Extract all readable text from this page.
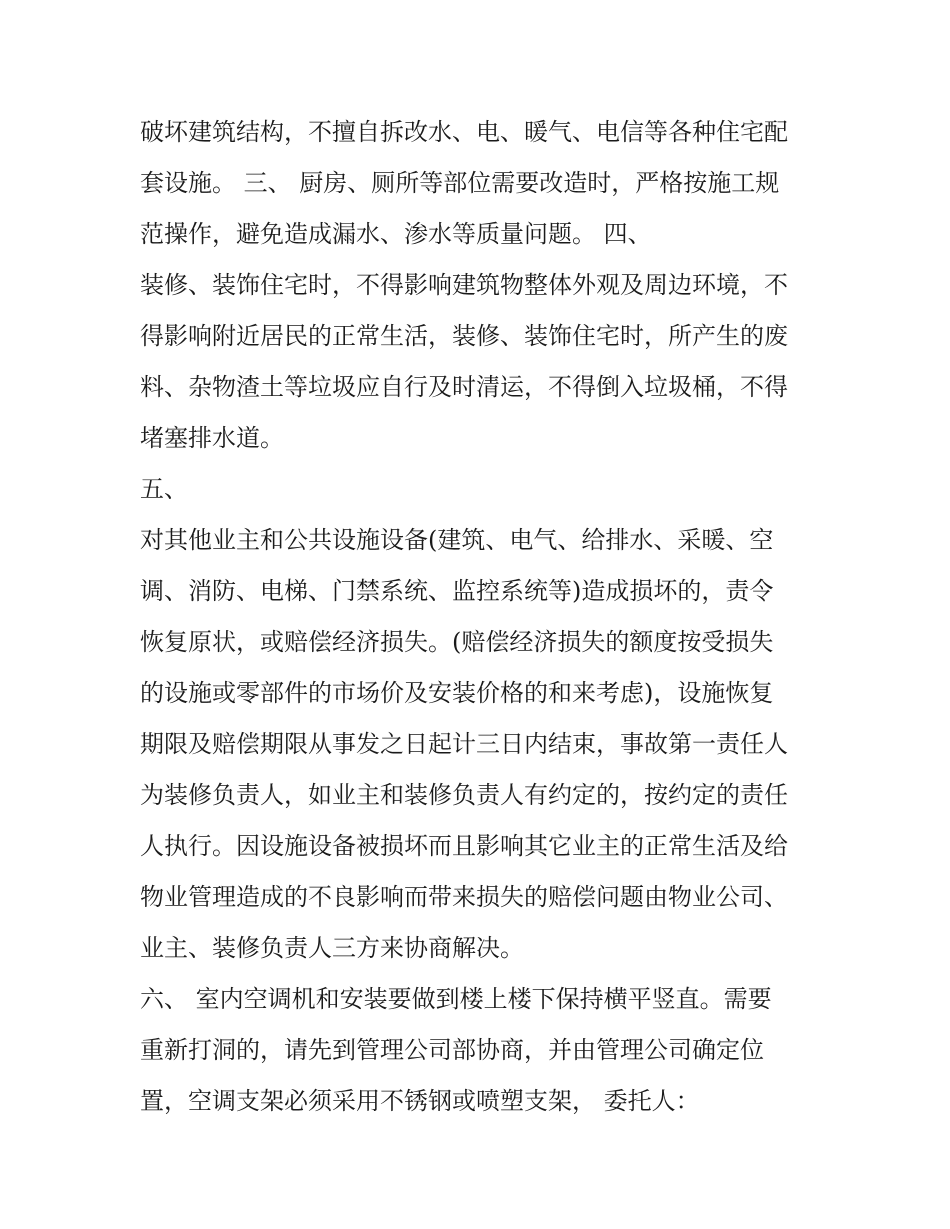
破坏建筑结构，不擅自拆改水、电、暖气、电信等各种住宅配
套设施。 三、 厨房、厕所等部位需要改造时，严格按施工规
范操作，避免造成漏水、渗水等质量问题。 四、
装修、装饰住宅时，不得影响建筑物整体外观及周边环境，不
得影响附近居民的正常生活，装修、装饰住宅时，所产生的废
料、杂物渣土等垃圾应自行及时清运，不得倒入垃圾桶，不得
堵塞排水道。
五、
对其他业主和公共设施设备(建筑、电气、给排水、采暖、空
调、消防、电梯、门禁系统、监控系统等)造成损坏的，责令
恢复原状，或赔偿经济损失。(赔偿经济损失的额度按受损失
的设施或零部件的市场价及安装价格的和来考虑)，设施恢复
期限及赔偿期限从事发之日起计三日内结束，事故第一责任人
为装修负责人，如业主和装修负责人有约定的，按约定的责任
人执行。因设施设备被损坏而且影响其它业主的正常生活及给
物业管理造成的不良影响而带来损失的赔偿问题由物业公司、
业主、装修负责人三方来协商解决。
六、 室内空调机和安装要做到楼上楼下保持横平竖直。需要
重新打洞的，请先到管理公司部协商，并由管理公司确定位
置，空调支架必须采用不锈钢或喷塑支架， 委托人：
